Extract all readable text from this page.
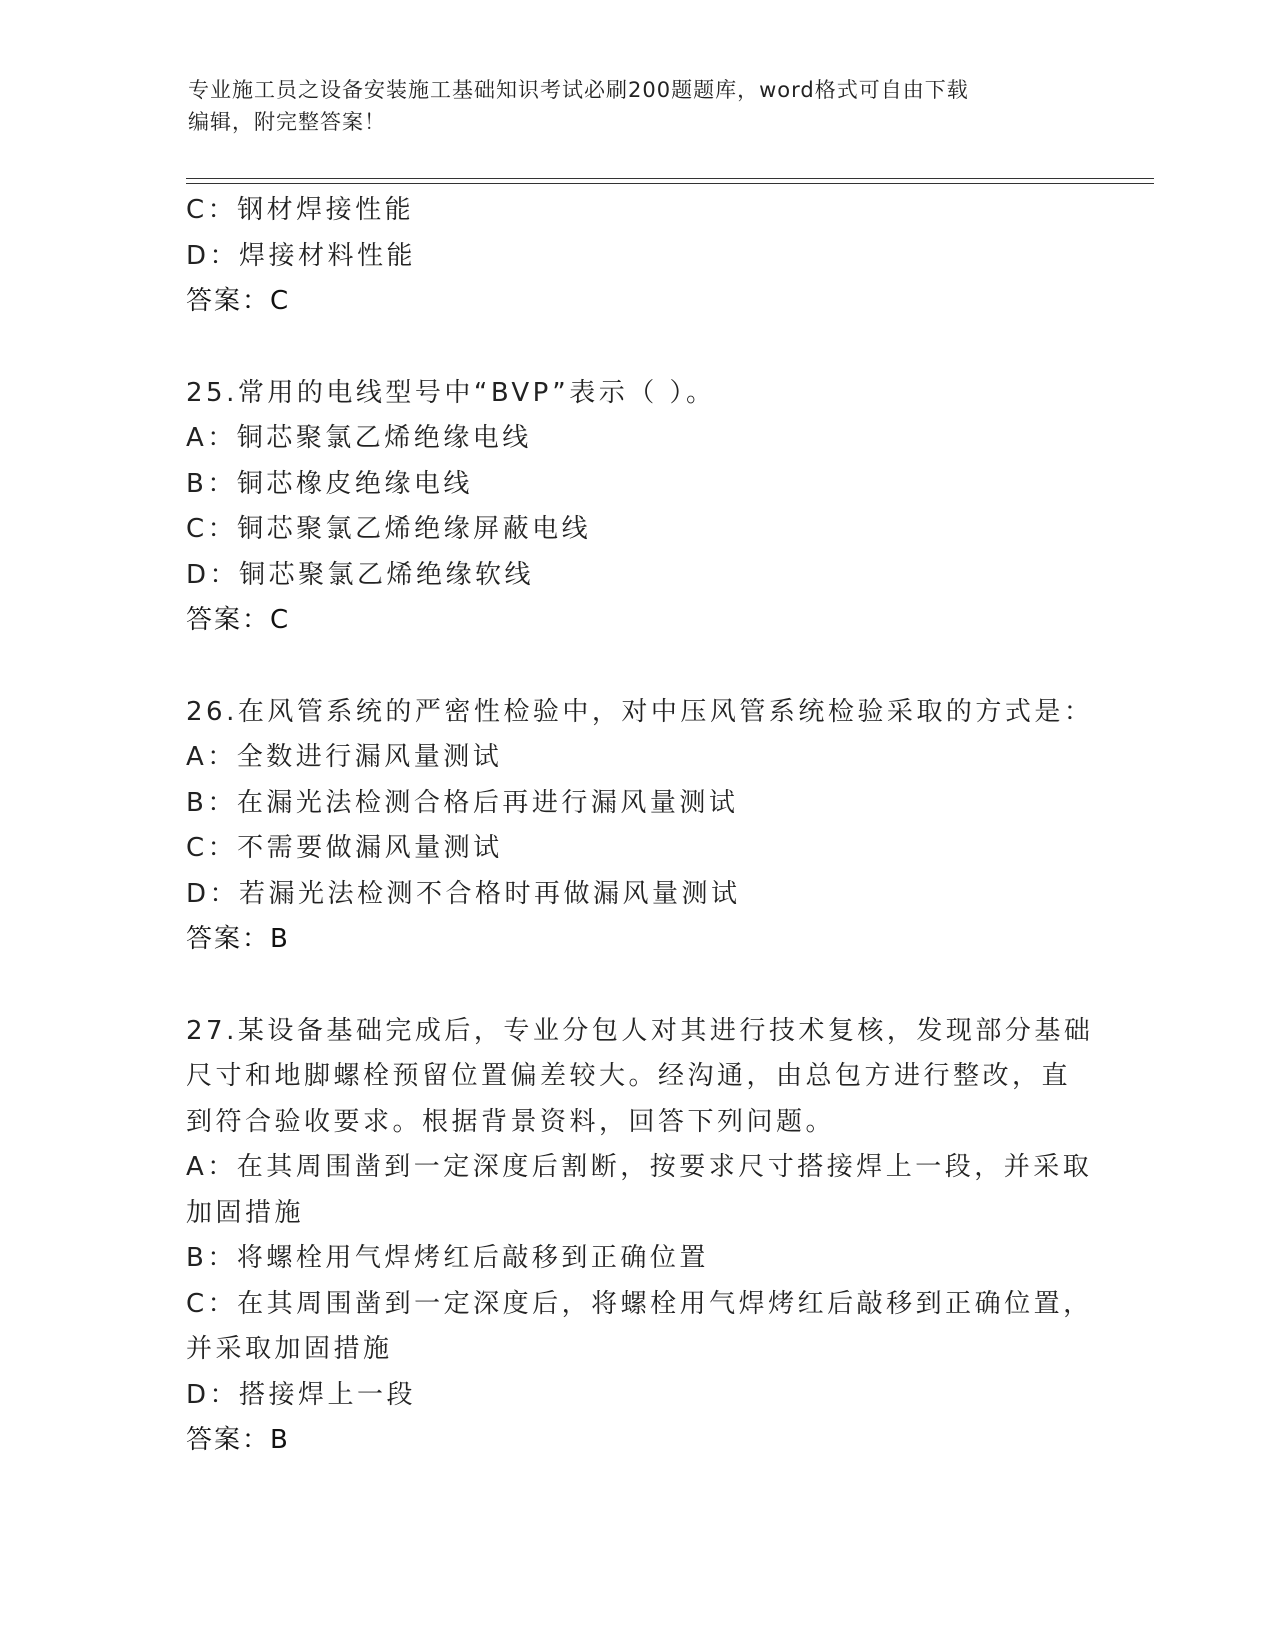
专业施工员之设备安装施工基础知识考试必刷200题题库，word格式可自由下载
编辑，附完整答案！
C：钢材焊接性能
D：焊接材料性能
答案：C
25.常用的电线型号中“BVP”表示（ ）。
A：铜芯聚氯乙烯绝缘电线
B：铜芯橡皮绝缘电线
C：铜芯聚氯乙烯绝缘屏蔽电线
D：铜芯聚氯乙烯绝缘软线
答案：C
26.在风管系统的严密性检验中，对中压风管系统检验采取的方式是：
A：全数进行漏风量测试
B：在漏光法检测合格后再进行漏风量测试
C：不需要做漏风量测试
D：若漏光法检测不合格时再做漏风量测试
答案：B
27.某设备基础完成后，专业分包人对其进行技术复核，发现部分基础
尺寸和地脚螺栓预留位置偏差较大。经沟通，由总包方进行整改，直
到符合验收要求。根据背景资料，回答下列问题。
A：在其周围凿到一定深度后割断，按要求尺寸搭接焊上一段，并采取
加固措施
B：将螺栓用气焊烤红后敲移到正确位置
C：在其周围凿到一定深度后，将螺栓用气焊烤红后敲移到正确位置，
并采取加固措施
D：搭接焊上一段
答案：B
